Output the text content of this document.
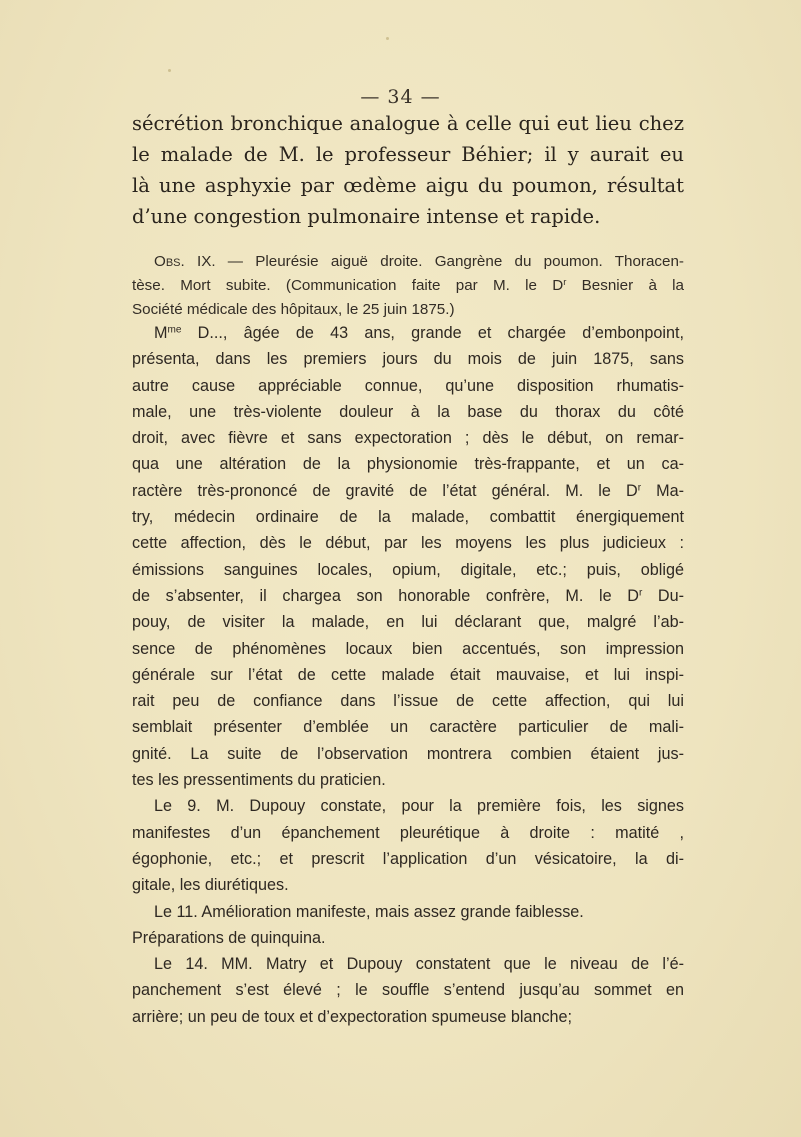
— 34 —
sécrétion bronchique analogue à celle qui eut lieu chez
le malade de M. le professeur Béhier; il y aurait eu
là une asphyxie par œdème aigu du poumon, résultat
d’une congestion pulmonaire intense et rapide.
Obs. IX. — Pleurésie aiguë droite. Gangrène du poumon. Thoracen-
tèse. Mort subite. (Communication faite par M. le $D^r$ Besnier à la
Société médicale des hôpitaux, le 25 juin 1875.)
$M^{me}$ D..., âgée de 43 ans, grande et chargée d’embonpoint,
présenta, dans les premiers jours du mois de juin 1875, sans
autre cause appréciable connue, qu’une disposition rhumatis-
male, une très-violente douleur à la base du thorax du côté
droit, avec fièvre et sans expectoration ; dès le début, on remar-
qua une altération de la physionomie très-frappante, et un ca-
ractère très-prononcé de gravité de l’état général. M. le $D^r$ Ma-
try, médecin ordinaire de la malade, combattit énergiquement
cette affection, dès le début, par les moyens les plus judicieux :
émissions sanguines locales, opium, digitale, etc.; puis, obligé
de s’absenter, il chargea son honorable confrère, M. le $D^r$ Du-
pouy, de visiter la malade, en lui déclarant que, malgré l’ab-
sence de phénomènes locaux bien accentués, son impression
générale sur l’état de cette malade était mauvaise, et lui inspi-
rait peu de confiance dans l’issue de cette affection, qui lui
semblait présenter d’emblée un caractère particulier de mali-
gnité. La suite de l’observation montrera combien étaient jus-
tes les pressentiments du praticien.
Le 9. M. Dupouy constate, pour la première fois, les signes
manifestes d’un épanchement pleurétique à droite : matité ,
égophonie, etc.; et prescrit l’application d’un vésicatoire, la di-
gitale, les diurétiques.
Le 11. Amélioration manifeste, mais assez grande faiblesse.
Préparations de quinquina.
Le 14. MM. Matry et Dupouy constatent que le niveau de l’é-
panchement s’est élevé ; le souffle s’entend jusqu’au sommet en
arrière; un peu de toux et d’expectoration spumeuse blanche;
